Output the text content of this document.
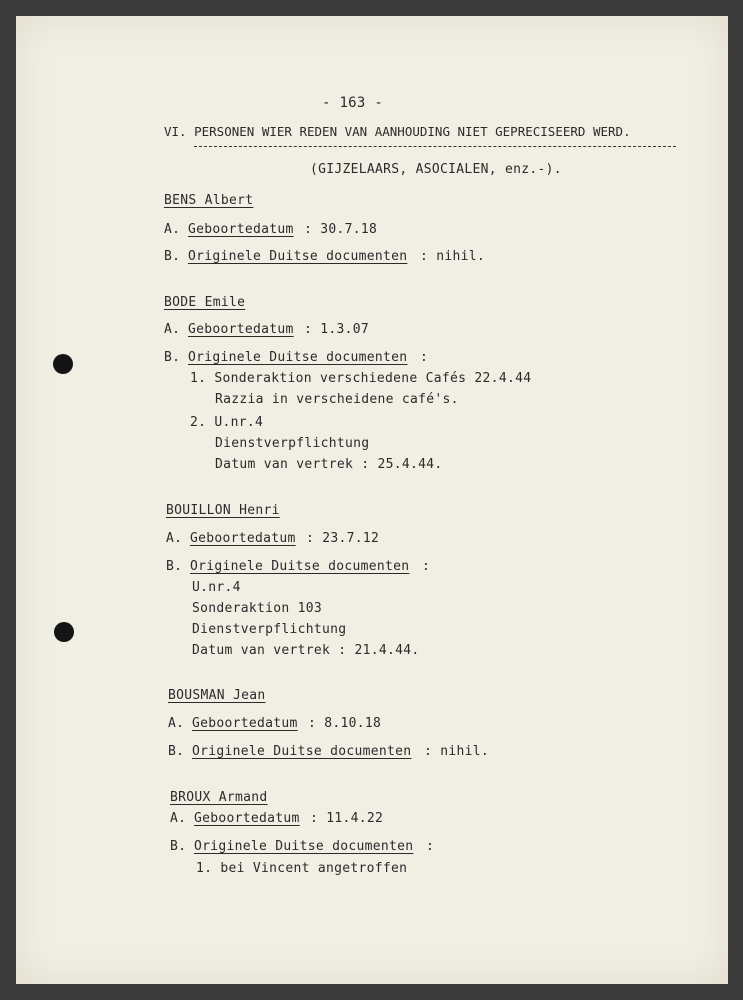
- 163 -
VI. PERSONEN WIER REDEN VAN AANHOUDING NIET GEPRECISEERD WERD.
(GIJZELAARS, ASOCIALEN, enz.-).
BENS Albert
A. Geboortedatum : 30.7.18
B. Originele Duitse documenten : nihil.
BODE Emile
A. Geboortedatum : 1.3.07
B. Originele Duitse documenten :
1. Sonderaktion verschiedene Cafés 22.4.44
Razzia in verscheidene café's.
2. U.nr.4
Dienstverpflichtung
Datum van vertrek : 25.4.44.
BOUILLON Henri
A. Geboortedatum : 23.7.12
B. Originele Duitse documenten :
U.nr.4
Sonderaktion 103
Dienstverpflichtung
Datum van vertrek : 21.4.44.
BOUSMAN Jean
A. Geboortedatum : 8.10.18
B. Originele Duitse documenten : nihil.
BROUX Armand
A. Geboortedatum : 11.4.22
B. Originele Duitse documenten :
1. bei Vincent angetroffen
